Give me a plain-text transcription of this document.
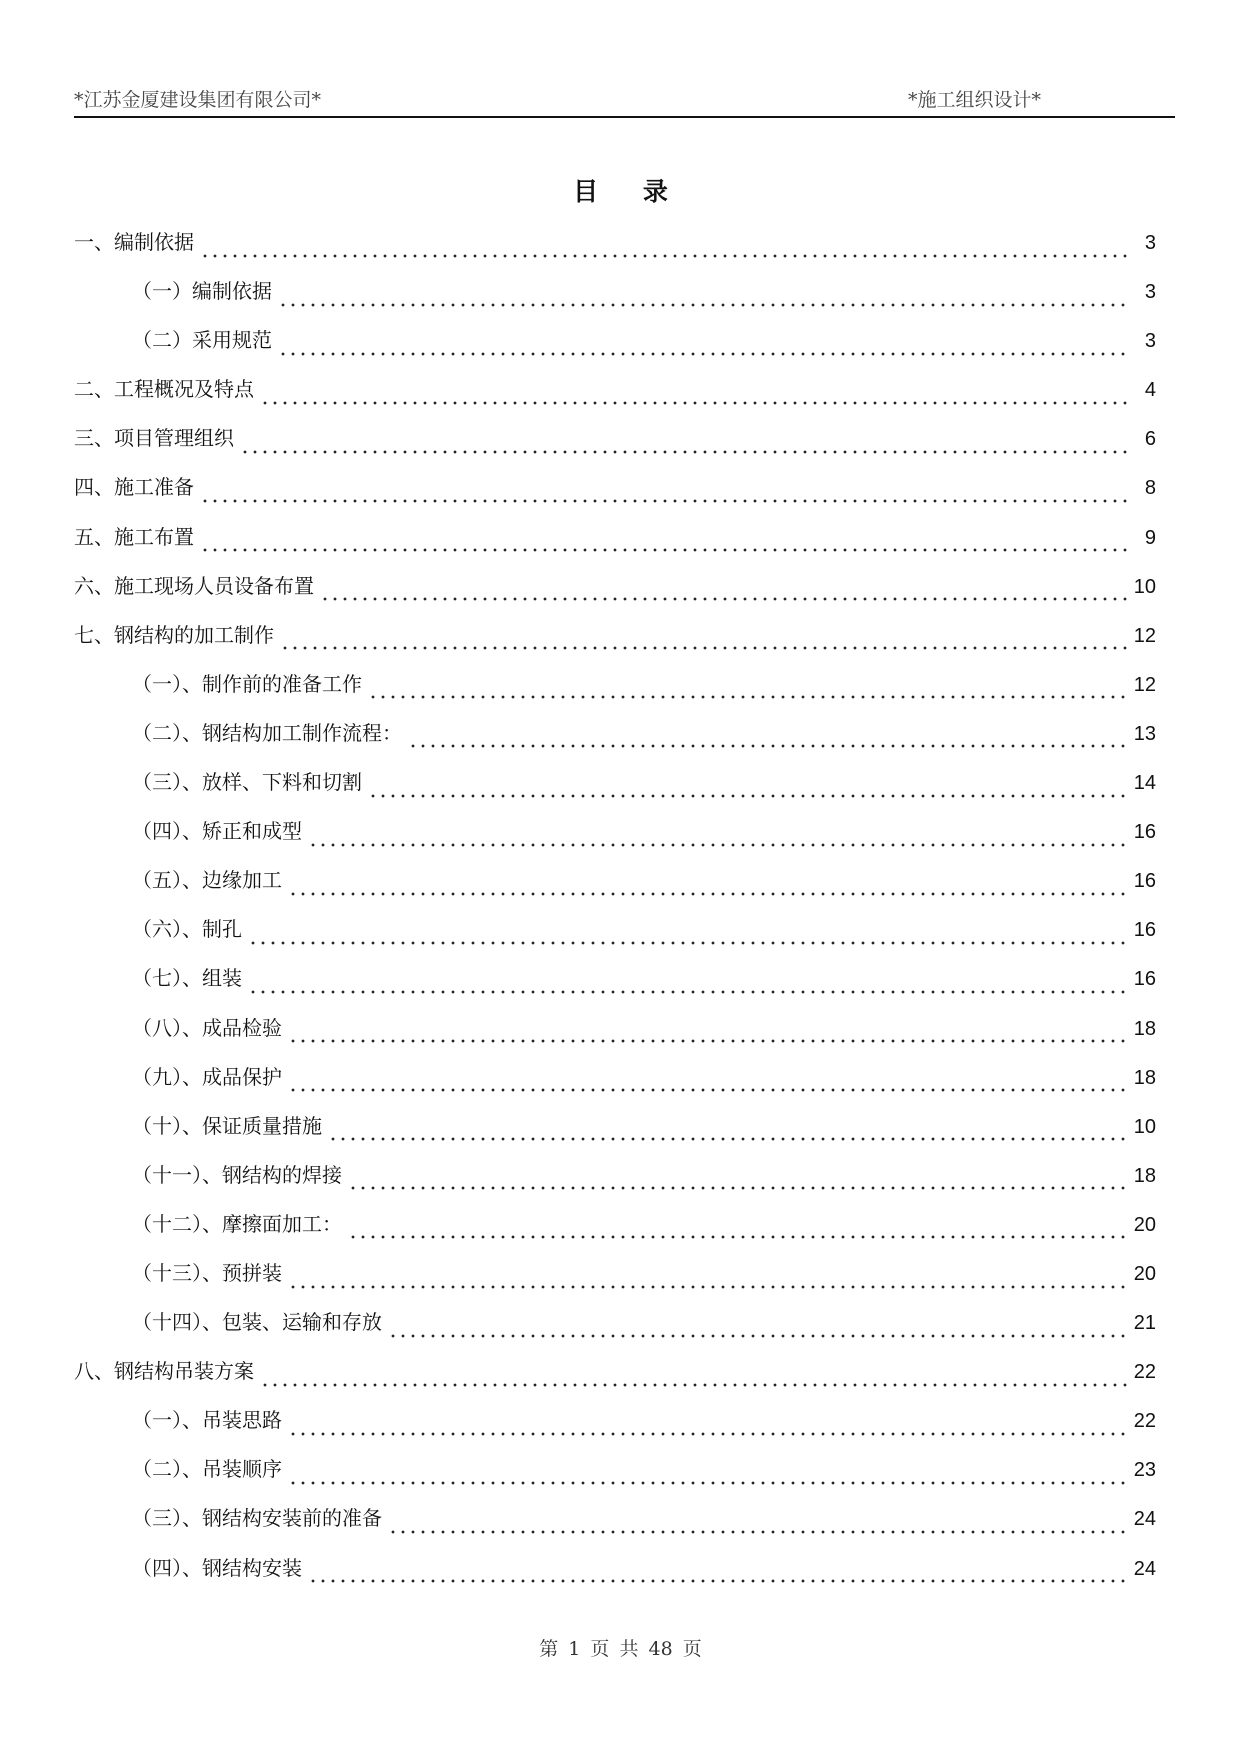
*江苏金厦建设集团有限公司*	*施工组织设计*
目 录
一、编制依据	3
（一）编制依据	3
（二）采用规范	3
二、工程概况及特点	4
三、项目管理组织	6
四、施工准备	8
五、施工布置	9
六、施工现场人员设备布置	10
七、钢结构的加工制作	12
（一）、制作前的准备工作	12
（二）、钢结构加工制作流程：	13
（三）、放样、下料和切割	14
（四）、矫正和成型	16
（五）、边缘加工	16
（六）、制孔	16
（七）、组装	16
（八）、成品检验	18
（九）、成品保护	18
（十）、保证质量措施	10
（十一）、钢结构的焊接	18
（十二）、摩擦面加工：	20
（十三）、预拼装	20
（十四）、包装、运输和存放	21
八、钢结构吊装方案	22
（一）、吊装思路	22
（二）、吊装顺序	23
（三）、钢结构安装前的准备	24
（四）、钢结构安装	24
第 1 页 共 48 页
